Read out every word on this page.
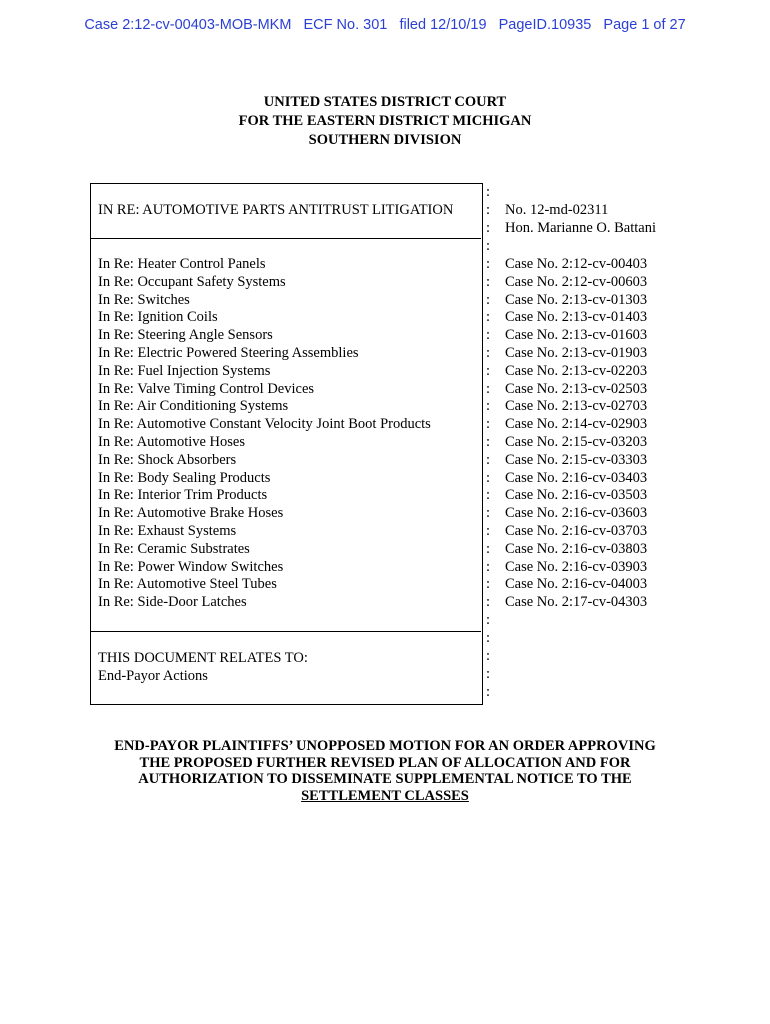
Case 2:12-cv-00403-MOB-MKM ECF No. 301 filed 12/10/19 PageID.10935 Page 1 of 27
UNITED STATES DISTRICT COURT
FOR THE EASTERN DISTRICT MICHIGAN
SOUTHERN DIVISION
IN RE: AUTOMOTIVE PARTS ANTITRUST LITIGATION	No. 12-md-02311
Hon. Marianne O. Battani
In Re: Heater Control Panels
In Re: Occupant Safety Systems
In Re: Switches
In Re: Ignition Coils
In Re: Steering Angle Sensors
In Re: Electric Powered Steering Assemblies
In Re: Fuel Injection Systems
In Re: Valve Timing Control Devices
In Re: Air Conditioning Systems
In Re: Automotive Constant Velocity Joint Boot Products
In Re: Automotive Hoses
In Re: Shock Absorbers
In Re: Body Sealing Products
In Re: Interior Trim Products
In Re: Automotive Brake Hoses
In Re: Exhaust Systems
In Re: Ceramic Substrates
In Re: Power Window Switches
In Re: Automotive Steel Tubes
In Re: Side-Door Latches
Case No. 2:12-cv-00403
Case No. 2:12-cv-00603
Case No. 2:13-cv-01303
Case No. 2:13-cv-01403
Case No. 2:13-cv-01603
Case No. 2:13-cv-01903
Case No. 2:13-cv-02203
Case No. 2:13-cv-02503
Case No. 2:13-cv-02703
Case No. 2:14-cv-02903
Case No. 2:15-cv-03203
Case No. 2:15-cv-03303
Case No. 2:16-cv-03403
Case No. 2:16-cv-03503
Case No. 2:16-cv-03603
Case No. 2:16-cv-03703
Case No. 2:16-cv-03803
Case No. 2:16-cv-03903
Case No. 2:16-cv-04003
Case No. 2:17-cv-04303
THIS DOCUMENT RELATES TO:
End-Payor Actions
:
:
:
:
:
:
:
:
:
:
:
:
:
:
:
:
:
:
:
:
:
:
:
:
:
:
:
:
:
END-PAYOR PLAINTIFFS’ UNOPPOSED MOTION FOR AN ORDER APPROVING
THE PROPOSED FURTHER REVISED PLAN OF ALLOCATION AND FOR
AUTHORIZATION TO DISSEMINATE SUPPLEMENTAL NOTICE TO THE
SETTLEMENT CLASSES
